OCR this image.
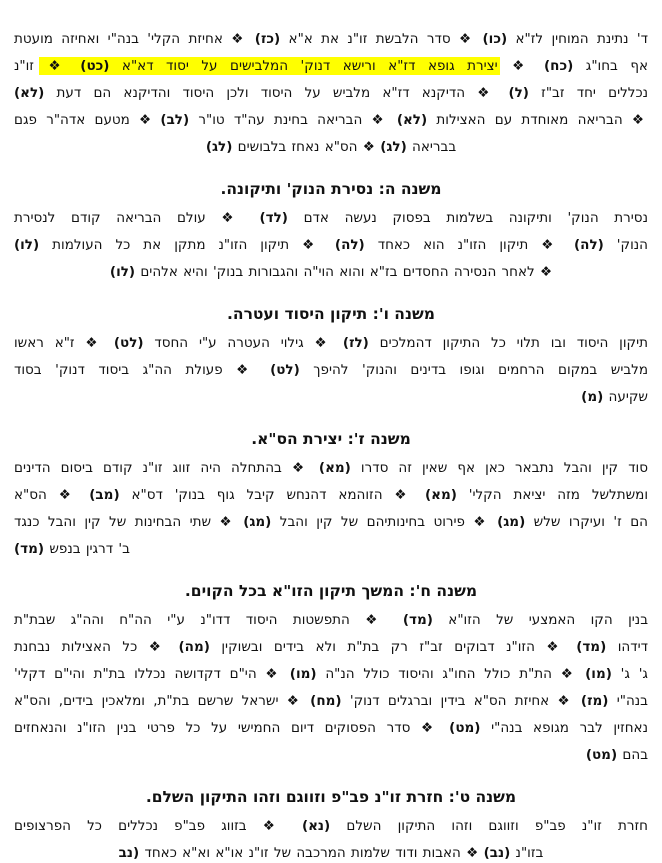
ד' נתינת המוחין לז"א (כו) ❖ סדר הלבשת זו"נ את א"א (כז) ❖ אחיזת הקלי' בנה"י ואחיזה מועטת
אף בחו"ג (כח) ❖ יצירת גופא דז"א ורישא דנוק' המלבישים על יסוד דא"א (כט) ❖ זו"נ
נכללים יחד זב"ז (ל) ❖ הדיקנא דז"א מלביש על היסוד ולכן היסוד והדיקנא הם דעת (לא)
❖ הבריאה מאוחדת עם האצילות (לא) ❖ הבריאה בחינת עה"ד טו"ר (לב) ❖ מטעם אדה"ר פגם
בבריאה (לג) ❖ הס"א נאחז בלבושים (לג)
משנה ה: נסירת הנוק' ותיקונה.
נסירת הנוק' ותיקונה בשלמות בפסוק נעשה אדם (לד) ❖ עולם הבריאה קודם לנסירת
הנוק' (לה) ❖ תיקון הזו"נ הוא כאחד (לה) ❖ תיקון הזו"נ מתקן את כל העולמות (לו)
❖ לאחר הנסירה החסדים בז"א והוא הוי"ה והגבורות בנוק' והיא אלהים (לו)
משנה ו': תיקון היסוד ועטרה.
תיקון היסוד ובו תלוי כל התיקון דהמלכים (לז) ❖ גילוי העטרה ע"י החסד (לט) ❖ ז"א ראשו
מלביש במקום הרחמים וגופו בדינים והנוק' להיפך (לט) ❖ פעולת הה"ג ביסוד דנוק' בסוד
שקיעה (מ)
משנה ז': יצירת הס"א.
סוד קין והבל נתבאר כאן אף שאין זה סדרו (מא) ❖ בהתחלה היה זווג זו"נ קודם ביסום הדינים
ומשתלשל מזה יציאת הקלי' (מא) ❖ הזוהמא דהנחש קיבל גוף בנוק' דס"א (מב) ❖ הס"א
הם ז' ועיקרו שלש (מג) ❖ פירוט בחינותיהם של קין והבל (מג) ❖ שתי הבחינות של קין והבל כנגד
ב' דרגין בנפש (מד)
משנה ח': המשך תיקון הזו"א בכל הקוים.
בנין הקו האמצעי של הזו"א (מד) ❖ התפשטות היסוד דדו"נ ע"י הה"ח והה"ג שבת"ת
דידהו (מד) ❖ הזו"נ דבוקים זב"ז רק בת"ת ולא בידים ובשוקין (מה) ❖ כל האצילות נבחנת
ג' ג' (מו) ❖ הת"ת כולל החו"ג והיסוד כולל הנ"ה (מו) ❖ הי"ם דקדושה נכללו בת"ת והי"ם דקלי'
בנה"י (מז) ❖ אחיזת הס"א בידין וברגלים דנוק' (מח) ❖ ישראל שרשם בת"ת, ומלאכין בידים, והס"א
נאחזין לבר מגופא בנה"י (מט) ❖ סדר הפסוקים דיום החמישי על כל פרטי בנין הזו"נ והנאחזים
בהם (מט)
משנה ט': חזרת זו"נ פב"פ וזווגם וזהו התיקון השלם.
חזרת זו"נ פב"פ וזווגם וזהו התיקון השלם (נא) ❖ בזווג פב"פ נכללים כל הפרצופים
בזו"נ (נב) ❖ האבות ודוד שלמות המרכבה של זו"נ או"א וא"א כאחד (נב
